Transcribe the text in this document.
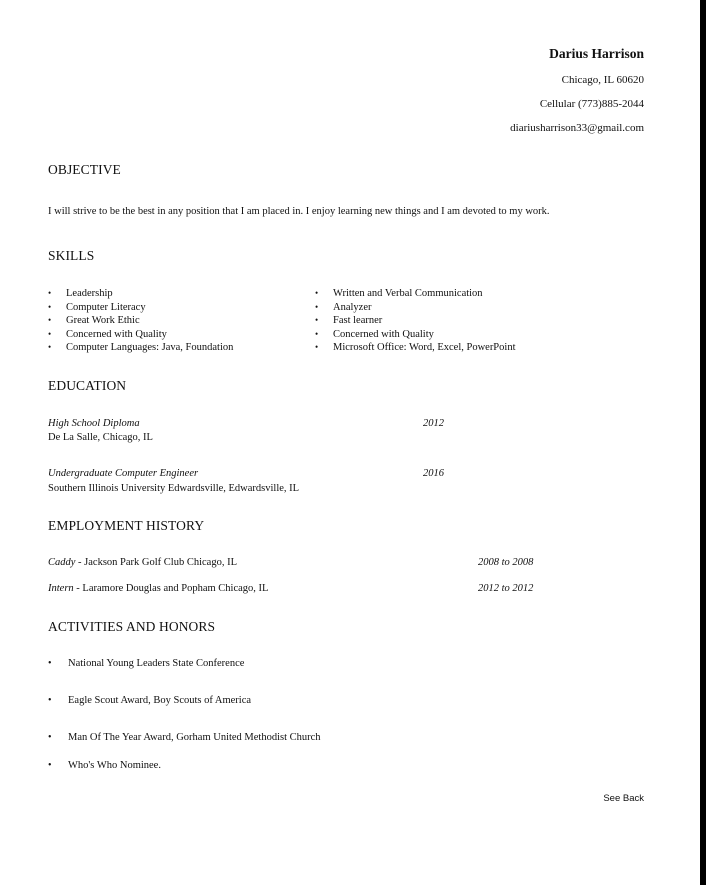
Darius Harrison
Chicago, IL 60620
Cellular (773)885-2044
diariusharrison33@gmail.com
OBJECTIVE
I will strive to be the best in any position that I am placed in. I enjoy learning new things and I am devoted to my work.
SKILLS
• Leadership
• Computer Literacy
• Great Work Ethic
• Concerned with Quality
• Computer Languages: Java, Foundation
• Written and Verbal Communication
• Analyzer
• Fast learner
• Concerned with Quality
• Microsoft Office: Word, Excel, PowerPoint
EDUCATION
High School Diploma	2012
De La Salle, Chicago, IL
Undergraduate Computer Engineer	2016
Southern Illinois University Edwardsville, Edwardsville, IL
EMPLOYMENT HISTORY
Caddy - Jackson Park Golf Club Chicago, IL	2008 to 2008
Intern - Laramore Douglas and Popham Chicago, IL	2012 to 2012
ACTIVITIES AND HONORS
• National Young Leaders State Conference
• Eagle Scout Award, Boy Scouts of America
• Man Of The Year Award, Gorham United Methodist Church
• Who's Who Nominee.
See Back
